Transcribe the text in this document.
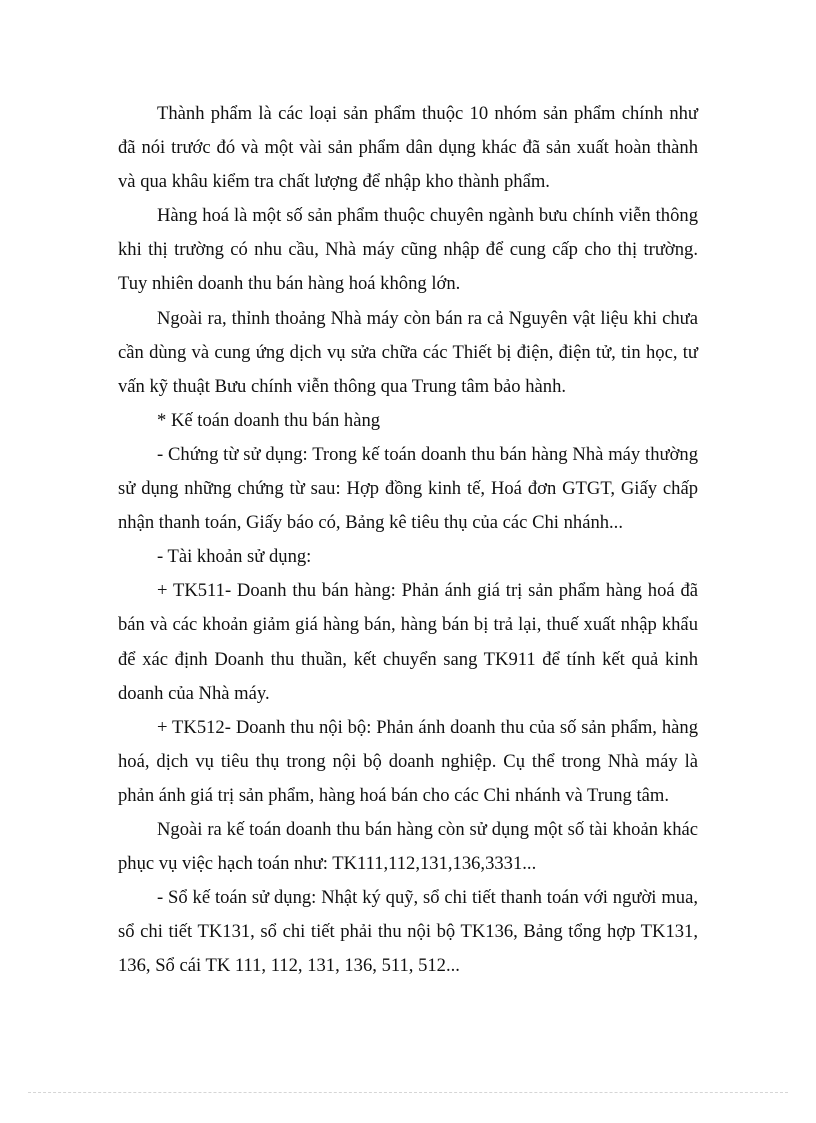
Thành phẩm là các loại sản phẩm thuộc 10 nhóm sản phẩm chính như đã nói trước đó và một vài sản phẩm dân dụng khác đã sản xuất hoàn thành và qua khâu kiểm tra chất lượng để nhập kho thành phẩm.

Hàng hoá là một số sản phẩm thuộc chuyên ngành bưu chính viễn thông khi thị trường có nhu cầu, Nhà máy cũng nhập để cung cấp cho thị trường. Tuy nhiên doanh thu bán hàng hoá không lớn.

Ngoài ra, thỉnh thoảng Nhà máy còn bán ra cả Nguyên vật liệu khi chưa cần dùng và cung ứng dịch vụ sửa chữa các Thiết bị điện, điện tử, tin học, tư vấn kỹ thuật Bưu chính viễn thông qua Trung tâm bảo hành.

* Kế toán doanh thu bán hàng

- Chứng từ sử dụng: Trong kế toán doanh thu bán hàng Nhà máy thường sử dụng những chứng từ sau: Hợp đồng kinh tế, Hoá đơn GTGT, Giấy chấp nhận thanh toán, Giấy báo có, Bảng kê tiêu thụ của các Chi nhánh...

- Tài khoản sử dụng:

+ TK511- Doanh thu bán hàng: Phản ánh giá trị sản phẩm hàng hoá đã bán và các khoản giảm giá hàng bán, hàng bán bị trả lại, thuế xuất nhập khẩu để xác định Doanh thu thuần, kết chuyển sang TK911 để tính kết quả kinh doanh của Nhà máy.

+ TK512- Doanh thu nội bộ: Phản ánh doanh thu của số sản phẩm, hàng hoá, dịch vụ tiêu thụ trong nội bộ doanh nghiệp. Cụ thể trong Nhà máy là phản ánh giá trị sản phẩm, hàng hoá bán cho các Chi nhánh và Trung tâm.

Ngoài ra kế toán doanh thu bán hàng còn sử dụng một số tài khoản khác phục vụ việc hạch toán như: TK111,112,131,136,3331...

- Sổ kế toán sử dụng: Nhật ký quỹ, sổ chi tiết thanh toán với người mua, sổ chi tiết TK131, sổ chi tiết phải thu nội bộ TK136, Bảng tổng hợp TK131, 136, Sổ cái TK 111, 112, 131, 136, 511, 512...
